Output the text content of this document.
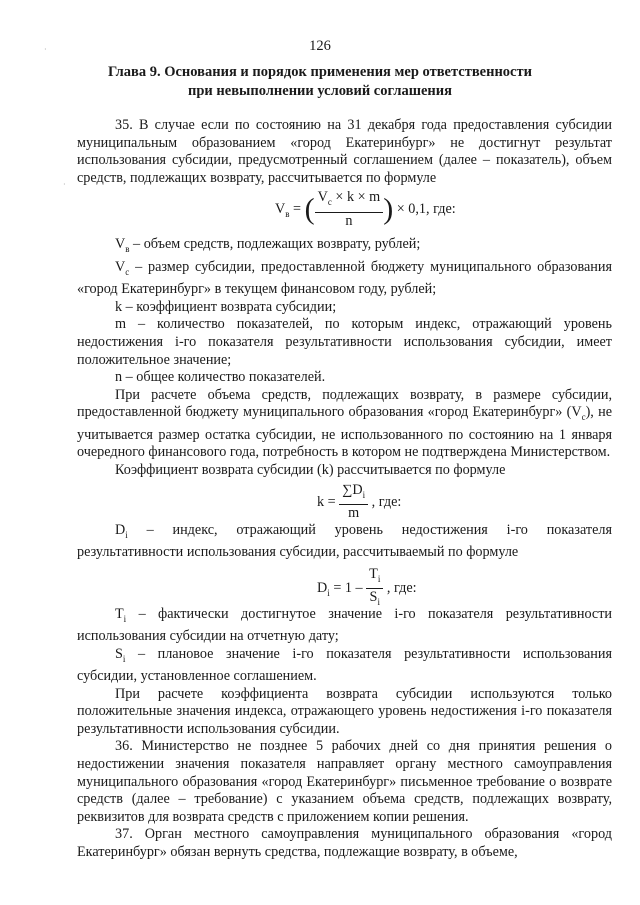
·
·
126
Глава 9. Основания и порядок применения мер ответственности
при невыполнении условий соглашения

35. В случае если по состоянию на 31 декабря года предоставления субсидии муниципальным образованием «город Екатеринбург» не достигнут результат использования субсидии, предусмотренный соглашением (далее – показатель), объем средств, подлежащих возврату, рассчитывается по формуле

$V_в$ = ( $\frac{V_c \times k \times m}{n}$ ) × 0,1, где:

$V_в$ – объем средств, подлежащих возврату, рублей;

$V_c$ – размер субсидии, предоставленной бюджету муниципального образования «город Екатеринбург» в текущем финансовом году, рублей;

k – коэффициент возврата субсидии;

m – количество показателей, по которым индекс, отражающий уровень недостижения i-го показателя результативности использования субсидии, имеет положительное значение;

n – общее количество показателей.

При расчете объема средств, подлежащих возврату, в размере субсидии, предоставленной бюджету муниципального образования «город Екатеринбург» $(V_c)$, не учитывается размер остатка субсидии, не использованного по состоянию на 1 января очередного финансового года, потребность в котором не подтверждена Министерством.

Коэффициент возврата субсидии (k) рассчитывается по формуле

$k = \frac{\sum D_i}{m}$ , где:

$D_i$ – индекс, отражающий уровень недостижения i-го показателя результативности использования субсидии, рассчитываемый по формуле

$D_i = 1 - \frac{T_i}{S_i}$ , где:

$T_i$ – фактически достигнутое значение i-го показателя результативности использования субсидии на отчетную дату;

$S_i$ – плановое значение i-го показателя результативности использования субсидии, установленное соглашением.

При расчете коэффициента возврата субсидии используются только положительные значения индекса, отражающего уровень недостижения i-го показателя результативности использования субсидии.

36. Министерство не позднее 5 рабочих дней со дня принятия решения о недостижении значения показателя направляет органу местного самоуправления муниципального образования «город Екатеринбург» письменное требование о возврате средств (далее – требование) с указанием объема средств, подлежащих возврату, реквизитов для возврата средств с приложением копии решения.

37. Орган местного самоуправления муниципального образования «город Екатеринбург» обязан вернуть средства, подлежащие возврату, в объеме,
